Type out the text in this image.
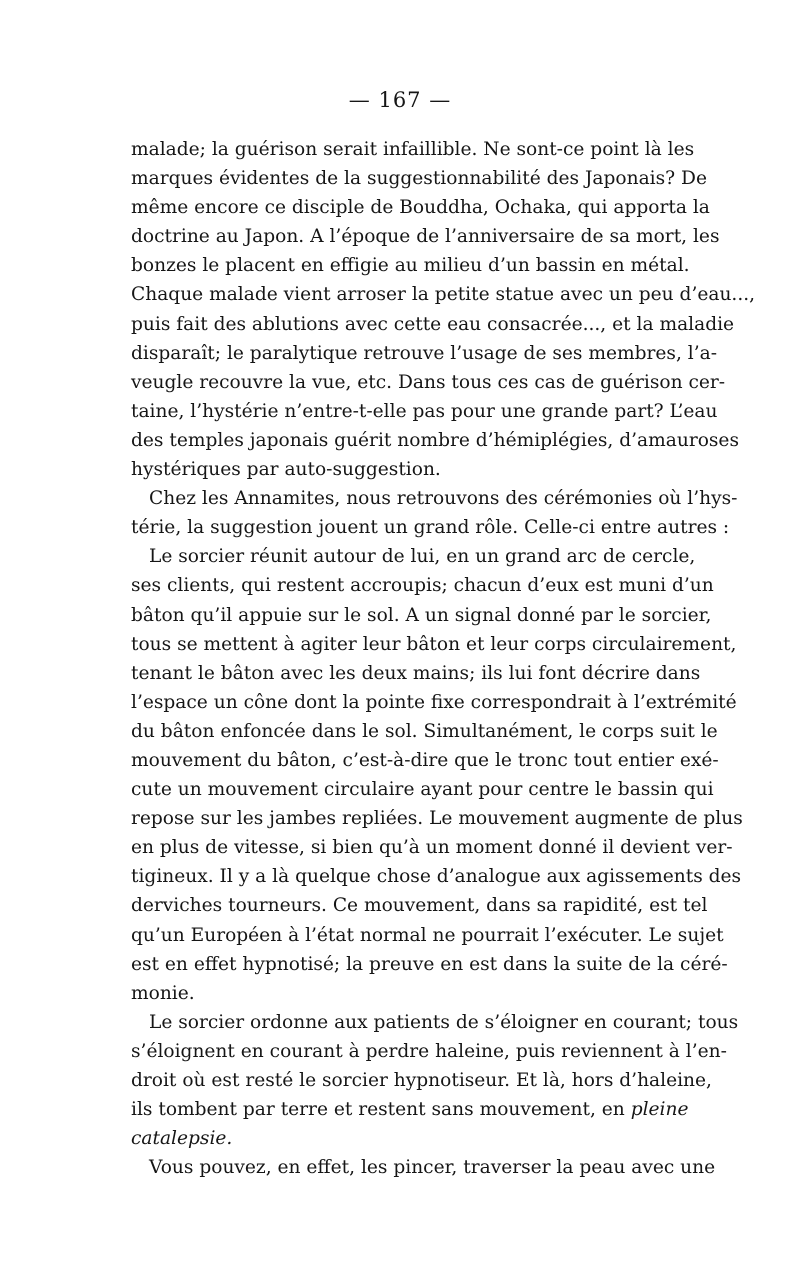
— 167 —
malade; la guérison serait infaillible. Ne sont-ce point là les
marques évidentes de la suggestionnabilité des Japonais? De
même encore ce disciple de Bouddha, Ochaka, qui apporta la
doctrine au Japon. A l’époque de l’anniversaire de sa mort, les
bonzes le placent en effigie au milieu d’un bassin en métal.
Chaque malade vient arroser la petite statue avec un peu d’eau...,
puis fait des ablutions avec cette eau consacrée..., et la maladie
disparaît; le paralytique retrouve l’usage de ses membres, l’a-
veugle recouvre la vue, etc. Dans tous ces cas de guérison cer-
taine, l’hystérie n’entre-t-elle pas pour une grande part? L’eau
des temples japonais guérit nombre d’hémiplégies, d’amauroses
hystériques par auto-suggestion.
Chez les Annamites, nous retrouvons des cérémonies où l’hys-
térie, la suggestion jouent un grand rôle. Celle-ci entre autres :
Le sorcier réunit autour de lui, en un grand arc de cercle,
ses clients, qui restent accroupis; chacun d’eux est muni d’un
bâton qu’il appuie sur le sol. A un signal donné par le sorcier,
tous se mettent à agiter leur bâton et leur corps circulairement,
tenant le bâton avec les deux mains; ils lui font décrire dans
l’espace un cône dont la pointe fixe correspondrait à l’extrémité
du bâton enfoncée dans le sol. Simultanément, le corps suit le
mouvement du bâton, c’est-à-dire que le tronc tout entier exé-
cute un mouvement circulaire ayant pour centre le bassin qui
repose sur les jambes repliées. Le mouvement augmente de plus
en plus de vitesse, si bien qu’à un moment donné il devient ver-
tigineux. Il y a là quelque chose d’analogue aux agissements des
derviches tourneurs. Ce mouvement, dans sa rapidité, est tel
qu’un Européen à l’état normal ne pourrait l’exécuter. Le sujet
est en effet hypnotisé; la preuve en est dans la suite de la céré-
monie.
Le sorcier ordonne aux patients de s’éloigner en courant; tous
s’éloignent en courant à perdre haleine, puis reviennent à l’en-
droit où est resté le sorcier hypnotiseur. Et là, hors d’haleine,
ils tombent par terre et restent sans mouvement, en pleine
catalepsie.
Vous pouvez, en effet, les pincer, traverser la peau avec une
